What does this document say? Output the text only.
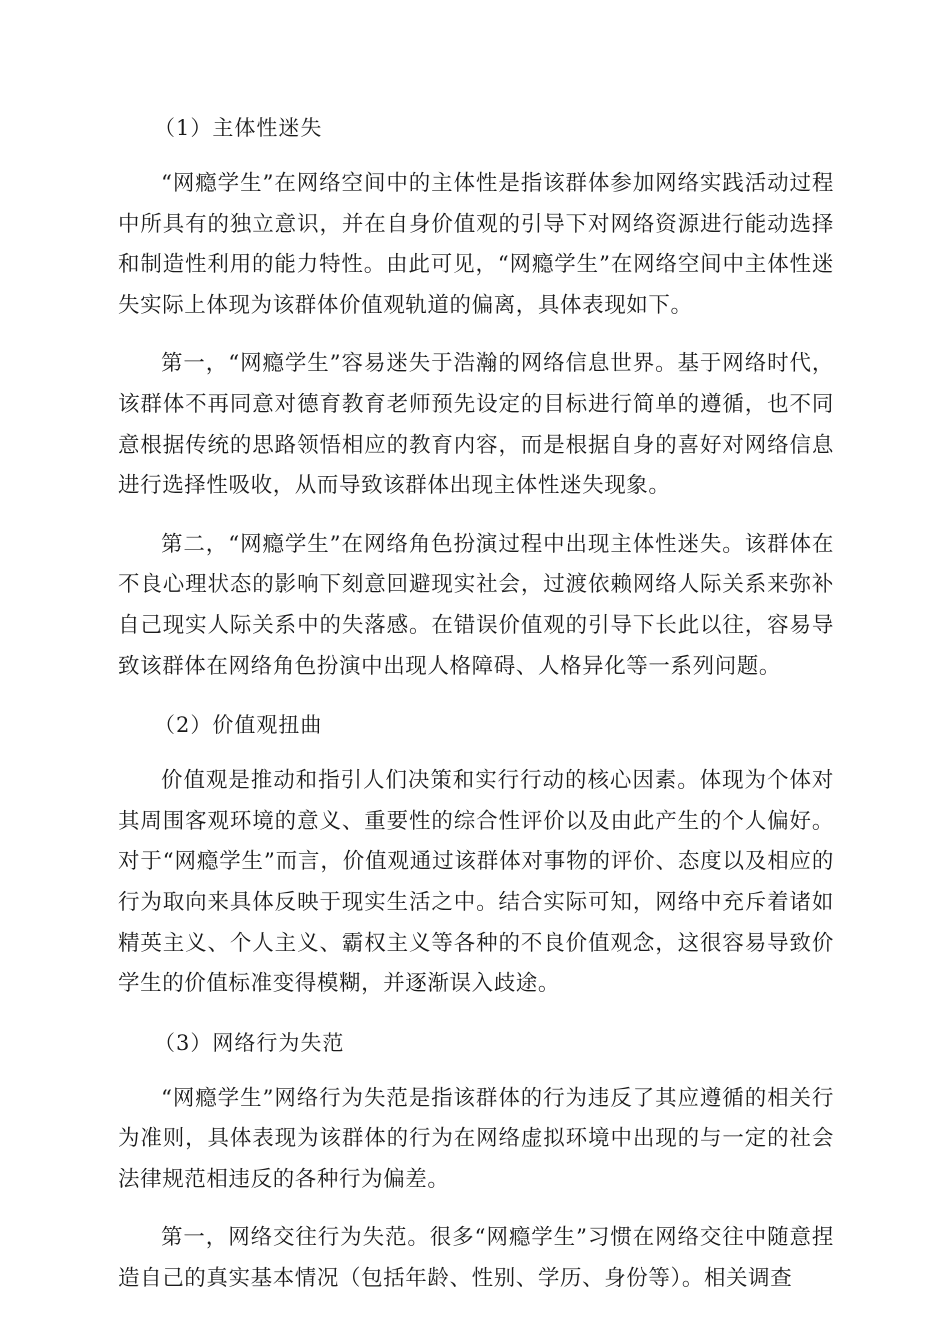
（1）主体性迷失
“网瘾学生”在网络空间中的主体性是指该群体参加网络实践活动过程中所具有的独立意识，并在自身价值观的引导下对网络资源进行能动选择和制造性利用的能力特性。由此可见，“网瘾学生”在网络空间中主体性迷失实际上体现为该群体价值观轨道的偏离，具体表现如下。
第一，“网瘾学生”容易迷失于浩瀚的网络信息世界。基于网络时代，该群体不再同意对德育教育老师预先设定的目标进行简单的遵循，也不同意根据传统的思路领悟相应的教育内容，而是根据自身的喜好对网络信息进行选择性吸收，从而导致该群体出现主体性迷失现象。
第二，“网瘾学生”在网络角色扮演过程中出现主体性迷失。该群体在不良心理状态的影响下刻意回避现实社会，过渡依赖网络人际关系来弥补自己现实人际关系中的失落感。在错误价值观的引导下长此以往，容易导致该群体在网络角色扮演中出现人格障碍、人格异化等一系列问题。
（2）价值观扭曲
价值观是推动和指引人们决策和实行行动的核心因素。体现为个体对其周围客观环境的意义、重要性的综合性评价以及由此产生的个人偏好。对于“网瘾学生”而言，价值观通过该群体对事物的评价、态度以及相应的行为取向来具体反映于现实生活之中。结合实际可知，网络中充斥着诸如精英主义、个人主义、霸权主义等各种的不良价值观念，这很容易导致价学生的价值标准变得模糊，并逐渐误入歧途。
（3）网络行为失范
“网瘾学生”网络行为失范是指该群体的行为违反了其应遵循的相关行为准则，具体表现为该群体的行为在网络虚拟环境中出现的与一定的社会法律规范相违反的各种行为偏差。
第一，网络交往行为失范。很多“网瘾学生”习惯在网络交往中随意捏造自己的真实基本情况（包括年龄、性别、学历、身份等）。相关调查
